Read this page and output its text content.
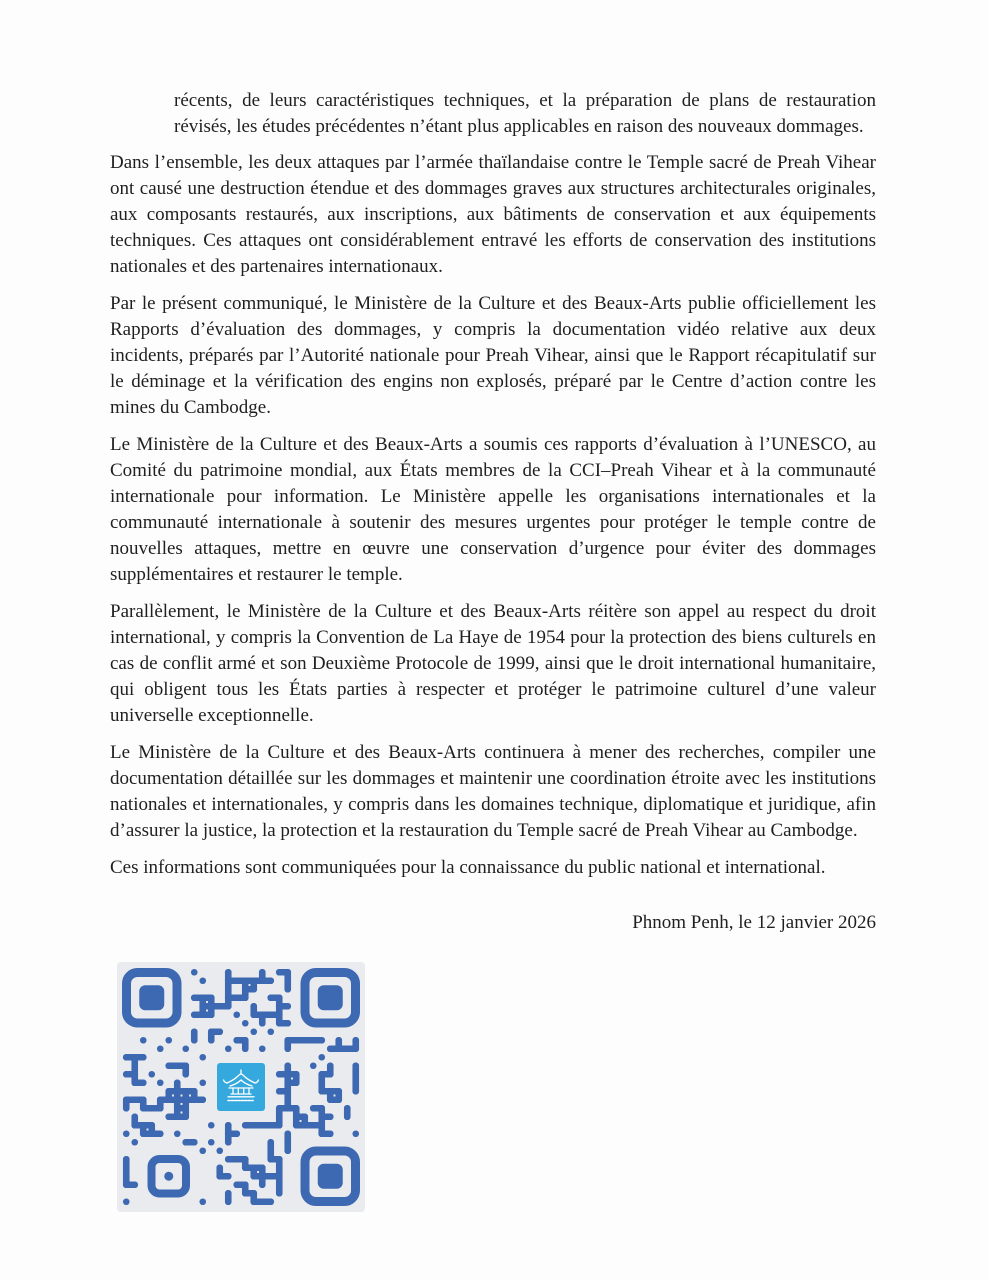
récents, de leurs caractéristiques techniques, et la préparation de plans de restauration révisés, les études précédentes n’étant plus applicables en raison des nouveaux dommages.

Dans l’ensemble, les deux attaques par l’armée thaïlandaise contre le Temple sacré de Preah Vihear ont causé une destruction étendue et des dommages graves aux structures architecturales originales, aux composants restaurés, aux inscriptions, aux bâtiments de conservation et aux équipements techniques. Ces attaques ont considérablement entravé les efforts de conservation des institutions nationales et des partenaires internationaux.

Par le présent communiqué, le Ministère de la Culture et des Beaux-Arts publie officiellement les Rapports d’évaluation des dommages, y compris la documentation vidéo relative aux deux incidents, préparés par l’Autorité nationale pour Preah Vihear, ainsi que le Rapport récapitulatif sur le déminage et la vérification des engins non explosés, préparé par le Centre d’action contre les mines du Cambodge.

Le Ministère de la Culture et des Beaux-Arts a soumis ces rapports d’évaluation à l’UNESCO, au Comité du patrimoine mondial, aux États membres de la CCI–Preah Vihear et à la communauté internationale pour information. Le Ministère appelle les organisations internationales et la communauté internationale à soutenir des mesures urgentes pour protéger le temple contre de nouvelles attaques, mettre en œuvre une conservation d’urgence pour éviter des dommages supplémentaires et restaurer le temple.

Parallèlement, le Ministère de la Culture et des Beaux-Arts réitère son appel au respect du droit international, y compris la Convention de La Haye de 1954 pour la protection des biens culturels en cas de conflit armé et son Deuxième Protocole de 1999, ainsi que le droit international humanitaire, qui obligent tous les États parties à respecter et protéger le patrimoine culturel d’une valeur universelle exceptionnelle.

Le Ministère de la Culture et des Beaux-Arts continuera à mener des recherches, compiler une documentation détaillée sur les dommages et maintenir une coordination étroite avec les institutions nationales et internationales, y compris dans les domaines technique, diplomatique et juridique, afin d’assurer la justice, la protection et la restauration du Temple sacré de Preah Vihear au Cambodge.

Ces informations sont communiquées pour la connaissance du public national et international.

Phnom Penh, le 12 janvier 2026
